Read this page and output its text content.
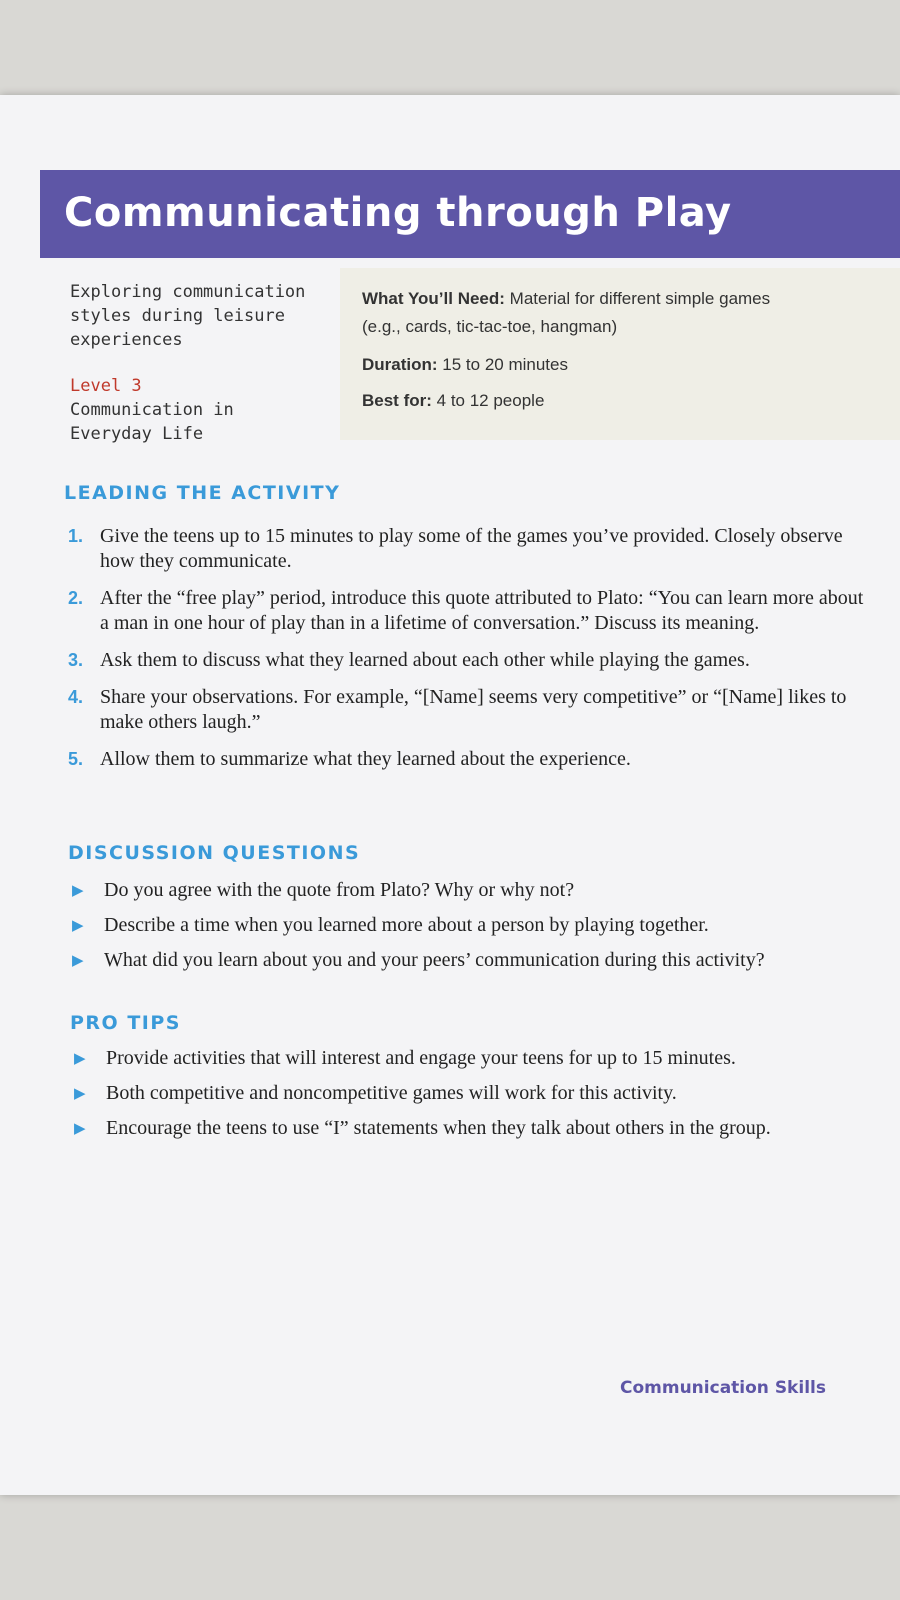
Communicating through Play
Exploring communication styles during leisure experiences
Level 3
Communication in Everyday Life

What You’ll Need: Material for different simple games

(e.g., cards, tic-tac-toe, hangman)

Duration: 15 to 20 minutes

Best for: 4 to 12 people

LEADING THE ACTIVITY
1. Give the teens up to 15 minutes to play some of the games you’ve provided. Closely observe how they communicate.
2. After the “free play” period, introduce this quote attributed to Plato: “You can learn more about a man in one hour of play than in a lifetime of conversation.” Discuss its meaning.
3. Ask them to discuss what they learned about each other while playing the games.
4. Share your observations. For example, “[Name] seems very competitive” or “[Name] likes to make others laugh.”
5. Allow them to summarize what they learned about the experience.
DISCUSSION QUESTIONS
▶ Do you agree with the quote from Plato? Why or why not?
▶ Describe a time when you learned more about a person by playing together.
▶ What did you learn about you and your peers’ communication during this activity?
PRO TIPS
▶ Provide activities that will interest and engage your teens for up to 15 minutes.
▶ Both competitive and noncompetitive games will work for this activity.
▶ Encourage the teens to use “I” statements when they talk about others in the group.
Communication Skills
